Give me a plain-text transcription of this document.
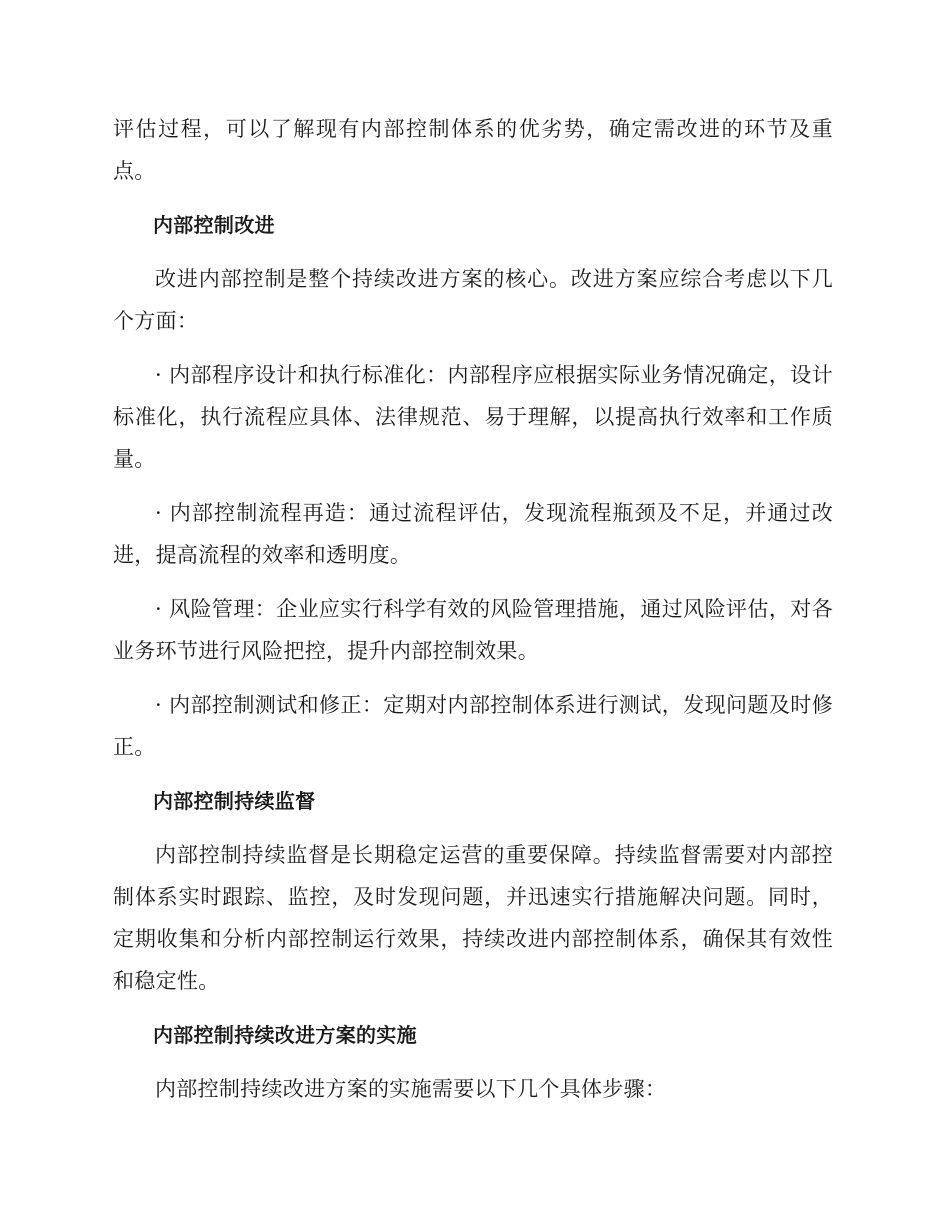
评估过程，可以了解现有内部控制体系的优劣势，确定需改进的环节及重点。

内部控制改进

改进内部控制是整个持续改进方案的核心。改进方案应综合考虑以下几个方面：

· 内部程序设计和执行标准化：内部程序应根据实际业务情况确定，设计标准化，执行流程应具体、法律规范、易于理解，以提高执行效率和工作质量。

· 内部控制流程再造：通过流程评估，发现流程瓶颈及不足，并通过改进，提高流程的效率和透明度。

· 风险管理：企业应实行科学有效的风险管理措施，通过风险评估，对各业务环节进行风险把控，提升内部控制效果。

· 内部控制测试和修正：定期对内部控制体系进行测试，发现问题及时修正。

内部控制持续监督

内部控制持续监督是长期稳定运营的重要保障。持续监督需要对内部控制体系实时跟踪、监控，及时发现问题，并迅速实行措施解决问题。同时，定期收集和分析内部控制运行效果，持续改进内部控制体系，确保其有效性和稳定性。

内部控制持续改进方案的实施

内部控制持续改进方案的实施需要以下几个具体步骤：
